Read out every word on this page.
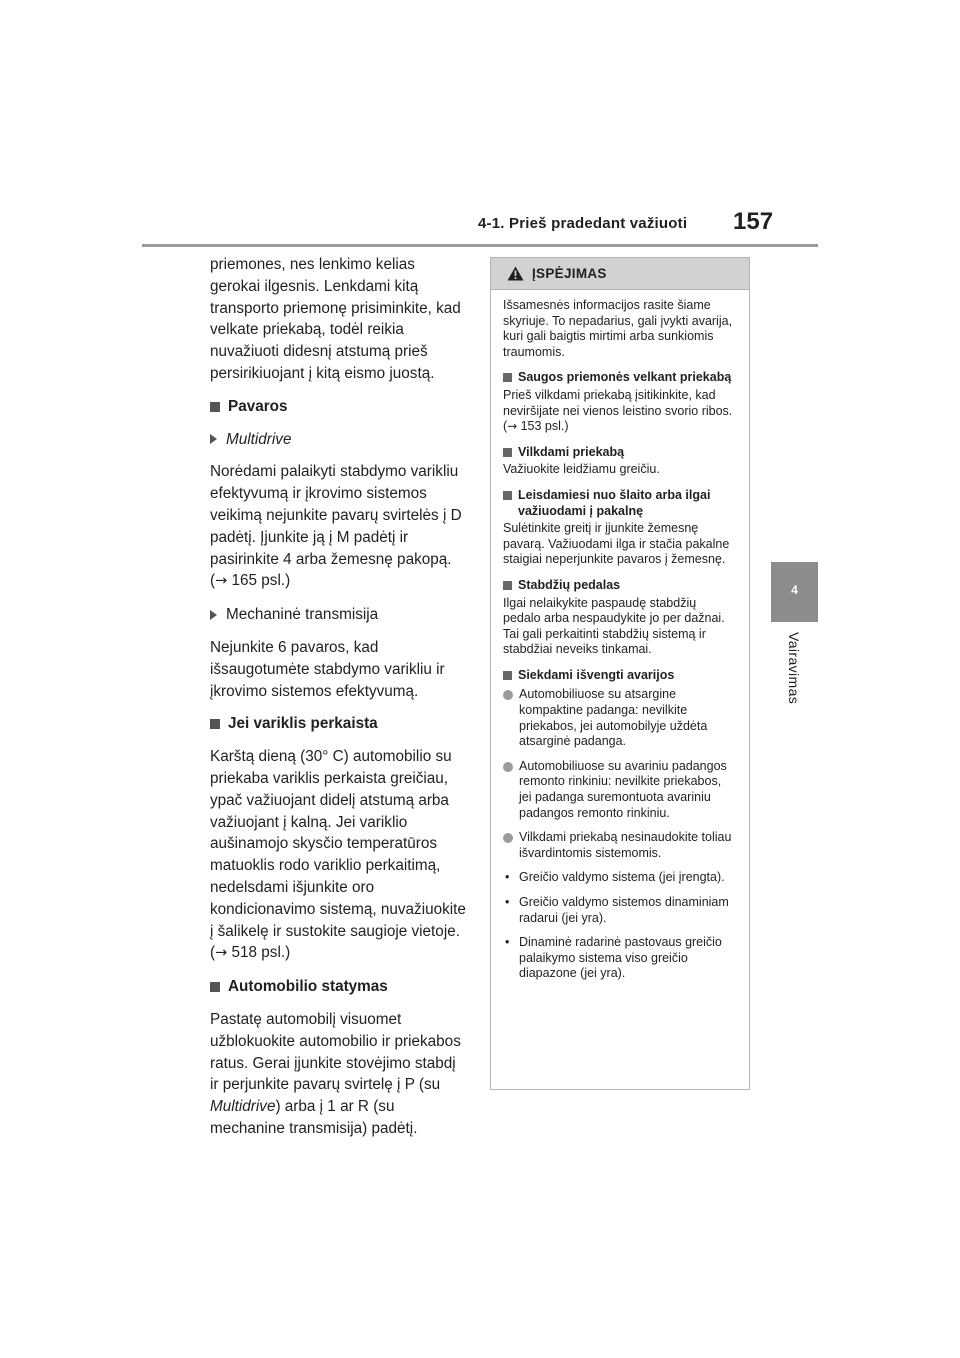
4-1. Prieš pradedant važiuoti 157
4
Vairavimas

priemones, nes lenkimo kelias gerokai ilgesnis. Lenkdami kitą transporto priemonę prisiminkite, kad velkate priekabą, todėl reikia nuvažiuoti didesnį atstumą prieš persirikiuojant į kitą eismo juostą.

Pavaros
Multidrive

Norėdami palaikyti stabdymo varikliu efektyvumą ir įkrovimo sistemos veikimą nejunkite pavarų svirtelės į D padėtį. Įjunkite ją į M padėtį ir pasirinkite 4 arba žemesnę pakopą. (→ 165 psl.)

Mechaninė transmisija

Nejunkite 6 pavaros, kad išsaugotumėte stabdymo varikliu ir įkrovimo sistemos efektyvumą.

Jei variklis perkaista

Karštą dieną (30° C) automobilio su priekaba variklis perkaista greičiau, ypač važiuojant didelį atstumą arba važiuojant į kalną. Jei variklio aušinamojo skysčio temperatūros matuoklis rodo variklio perkaitimą, nedelsdami išjunkite oro kondicionavimo sistemą, nuvažiuokite į šalikelę ir sustokite saugioje vietoje. (→ 518 psl.)

Automobilio statymas

Pastatę automobilį visuomet užblokuokite automobilio ir priekabos ratus. Gerai įjunkite stovėjimo stabdį ir perjunkite pavarų svirtelę į P (su Multidrive) arba į 1 ar R (su mechanine transmisija) padėtį.

ĮSPĖJIMAS

Išsamesnės informacijos rasite šiame skyriuje. To nepadarius, gali įvykti avarija, kuri gali baigtis mirtimi arba sunkiomis traumomis.

Saugos priemonės velkant priekabą

Prieš vilkdami priekabą įsitikinkite, kad neviršijate nei vienos leistino svorio ribos. (→ 153 psl.)

Vilkdami priekabą

Važiuokite leidžiamu greičiu.

Leisdamiesi nuo šlaito arba ilgai važiuodami į pakalnę

Sulėtinkite greitį ir įjunkite žemesnę pavarą. Važiuodami ilga ir stačia pakalne staigiai neperjunkite pavaros į žemesnę.

Stabdžių pedalas

Ilgai nelaikykite paspaudę stabdžių pedalo arba nespaudykite jo per dažnai. Tai gali perkaitinti stabdžių sistemą ir stabdžiai neveiks tinkamai.

Siekdami išvengti avarijos
Automobiliuose su atsargine kompaktine padanga: nevilkite priekabos, jei automobilyje uždėta atsarginė padanga.
Automobiliuose su avariniu padangos remonto rinkiniu: nevilkite priekabos, jei padanga suremontuota avariniu padangos remonto rinkiniu.
Vilkdami priekabą nesinaudokite toliau išvardintomis sistemomis.
• Greičio valdymo sistema (jei įrengta).
• Greičio valdymo sistemos dinaminiam radarui (jei yra).
• Dinaminė radarinė pastovaus greičio palaikymo sistema viso greičio diapazone (jei yra).
